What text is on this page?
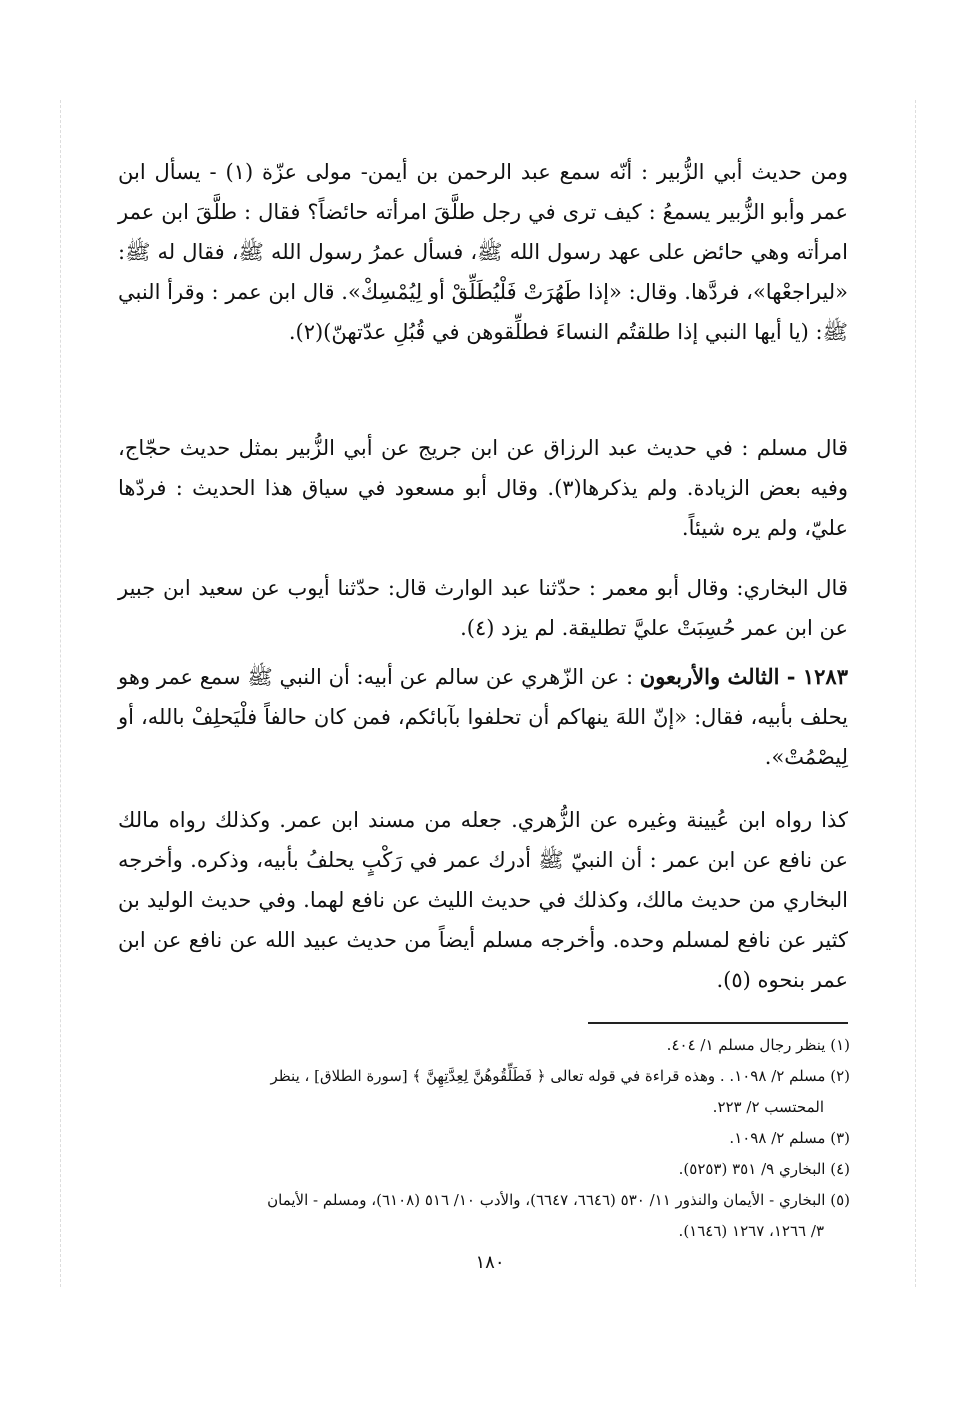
ومن حديث أبي الزُّبير : أنّه سمع عبد الرحمن بن أيمن- مولى عزّة (١) - يسأل ابن عمر وأبو الزُّبير يسمعُ : كيف ترى في رجل طلَّقَ امرأته حائضاً؟ فقال : طلَّقَ ابن عمر امرأته وهي حائض على عهد رسول الله ﷺ، فسأل عمرُ رسول الله ﷺ، فقال له ﷺ: «ليراجعْها»، فردَّها. وقال: «إذا طَهُرَتْ فَلْيُطَلِّقْ أو لِيُمْسِكْ». قال ابن عمر : وقرأ النبي ﷺ: (يا أيها النبي إذا طلقتُم النساءَ فطلِّقوهن في قُبُلِ عدّتهنّ)(٢).

قال مسلم : في حديث عبد الرزاق عن ابن جريج عن أبي الزُّبير بمثل حديث حجّاج، وفيه بعض الزيادة. ولم يذكرها(٣). وقال أبو مسعود في سياق هذا الحديث : فردّها عليّ، ولم يره شيئاً.

قال البخاري: وقال أبو معمر : حدّثنا عبد الوارث قال: حدّثنا أيوب عن سعيد ابن جبير عن ابن عمر حُسِبَتْ عليَّ تطليقة. لم يزد (٤).

١٢٨٣ - الثالث والأربعون : عن الزّهري عن سالم عن أبيه: أن النبي ﷺ سمع عمر وهو يحلف بأبيه، فقال: «إنّ اللهَ ينهاكم أن تحلفوا بآبائكم، فمن كان حالفاً فلْيَحلِفْ بالله، أو لِيصْمُتْ».

كذا رواه ابن عُيينة وغيره عن الزُّهري. جعله من مسند ابن عمر. وكذلك رواه مالك عن نافع عن ابن عمر : أن النبيّ ﷺ أدرك عمر في رَكْبٍ يحلفُ بأبيه، وذكره. وأخرجه البخاري من حديث مالك، وكذلك في حديث الليث عن نافع لهما. وفي حديث الوليد بن كثير عن نافع لمسلم وحده. وأخرجه مسلم أيضاً من حديث عبيد الله عن نافع عن ابن عمر بنحوه (٥).

(١) ينظر رجال مسلم ١/ ٤٠٤.
(٢) مسلم ٢/ ١٠٩٨. . وهذه قراءة في قوله تعالى ﴿ فَطَلِّقُوهُنَّ لِعِدَّتِهِنَّ ﴾ [سورة الطلاق] ، ينظر
المحتسب ٢/ ٢٢٣.
(٣) مسلم ٢/ ١٠٩٨.
(٤) البخاري ٩/ ٣٥١ (٥٢٥٣).
(٥) البخاري - الأيمان والنذور ١١/ ٥٣٠ (٦٦٤٦، ٦٦٤٧)، والأدب ١٠/ ٥١٦ (٦١٠٨)، ومسلم - الأيمان
٣/ ١٢٦٦، ١٢٦٧ (١٦٤٦).
١٨٠
